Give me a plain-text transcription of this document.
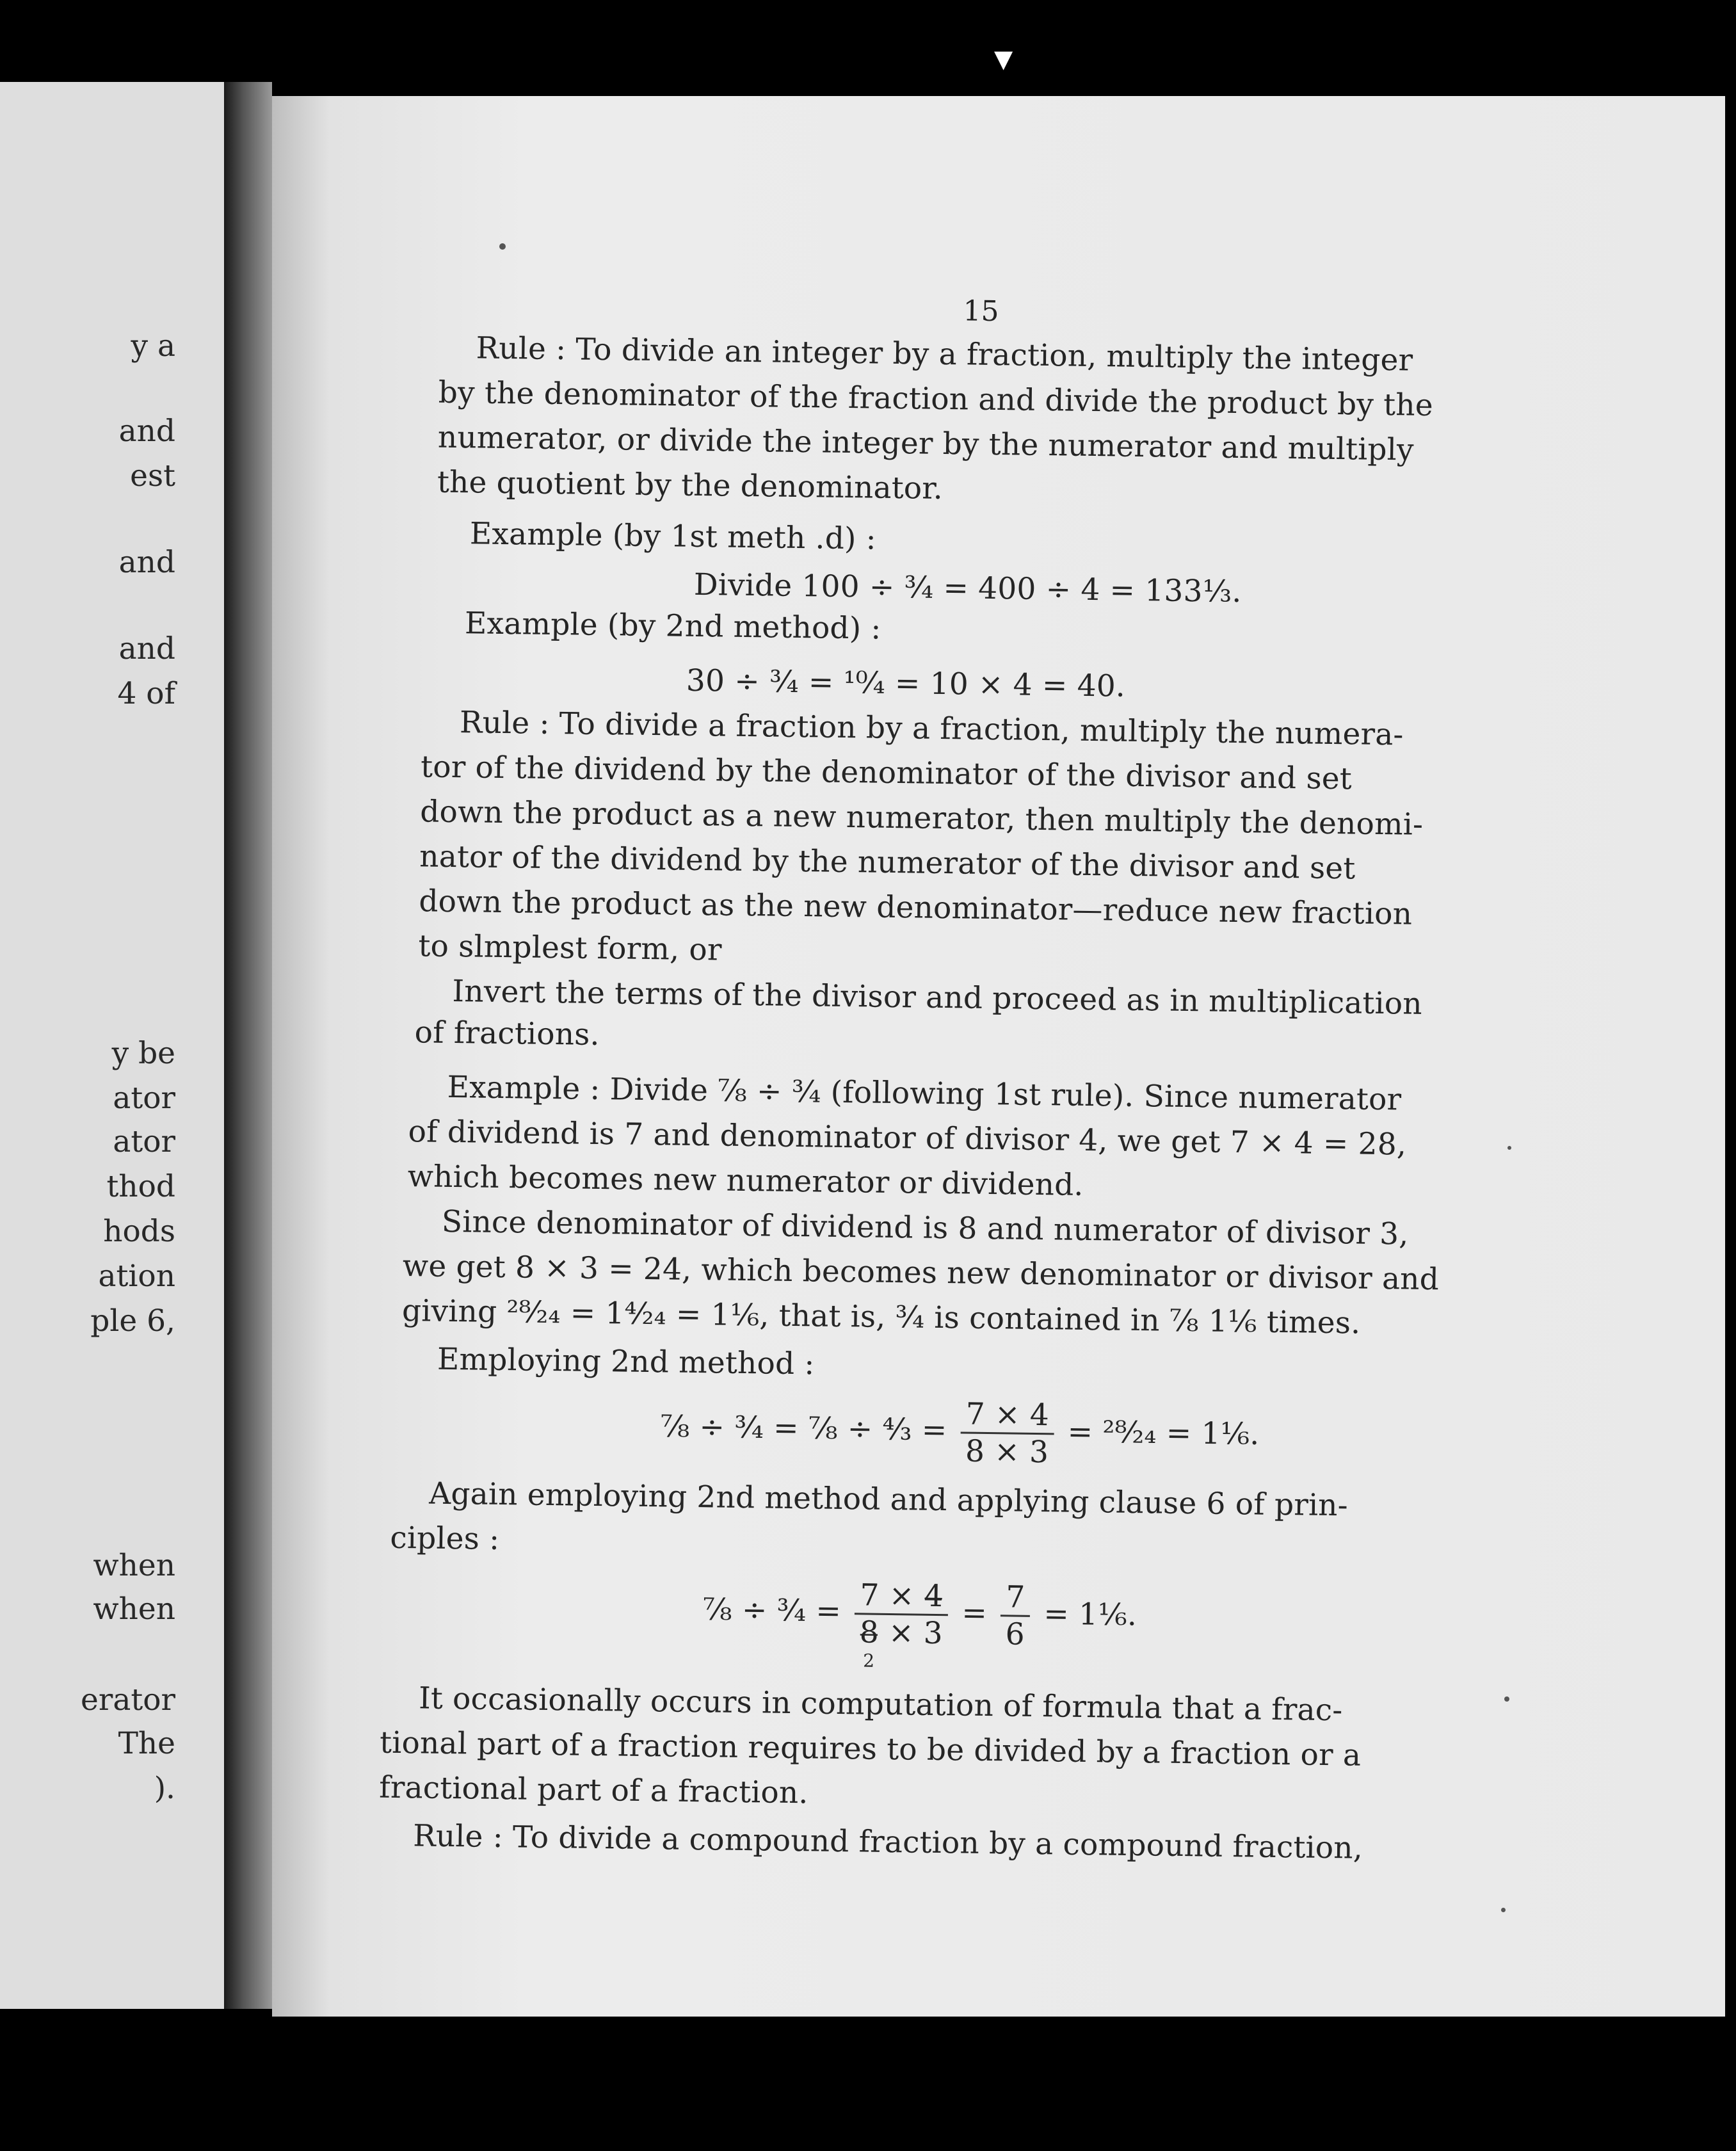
▼
y a
and
est
and
and
4 of
y be
ator
ator
thod
hods
ation
ple 6,
when
when
erator
The
).
15
Rule : To divide an integer by a fraction, multiply the integer
by the denominator of the fraction and divide the product by the
numerator, or divide the integer by the numerator and multiply
the quotient by the denominator.
Example (by 1st meth .d) :
Divide 100 ÷ ¾ = 400 ÷ 4 = 133⅓.
Example (by 2nd method) :
30 ÷ ¾ = ¹⁰⁄₄ = 10 × 4 = 40.
Rule : To divide a fraction by a fraction, multiply the numera-
tor of the dividend by the denominator of the divisor and set
down the product as a new numerator, then multiply the denomi-
nator of the dividend by the numerator of the divisor and set
down the product as the new denominator—reduce new fraction
to slmplest form, or
Invert the terms of the divisor and proceed as in multiplication
of fractions.
Example : Divide ⅞ ÷ ¾ (following 1st rule). Since numerator
of dividend is 7 and denominator of divisor 4, we get 7 × 4 = 28,
which becomes new numerator or dividend.
Since denominator of dividend is 8 and numerator of divisor 3,
we get 8 × 3 = 24, which becomes new denominator or divisor and
giving ²⁸⁄₂₄ = 1⁴⁄₂₄ = 1⅙, that is, ¾ is contained in ⅞ 1⅙ times.
Employing 2nd method :
⅞ ÷ ¾ = ⅞ ÷ ⁴⁄₃ = $\frac{7 \times 4}{8 \times 3}$ = ²⁸⁄₂₄ = 1⅙.
Again employing 2nd method and applying clause 6 of prin-
ciples :
⅞ ÷ ¾ = 7 × 4̶
8̶ × 3
2
= $\frac{7}{6}$ = 1⅙.
It occasionally occurs in computation of formula that a frac-
tional part of a fraction requires to be divided by a fraction or a
fractional part of a fraction.
Rule : To divide a compound fraction by a compound fraction,
